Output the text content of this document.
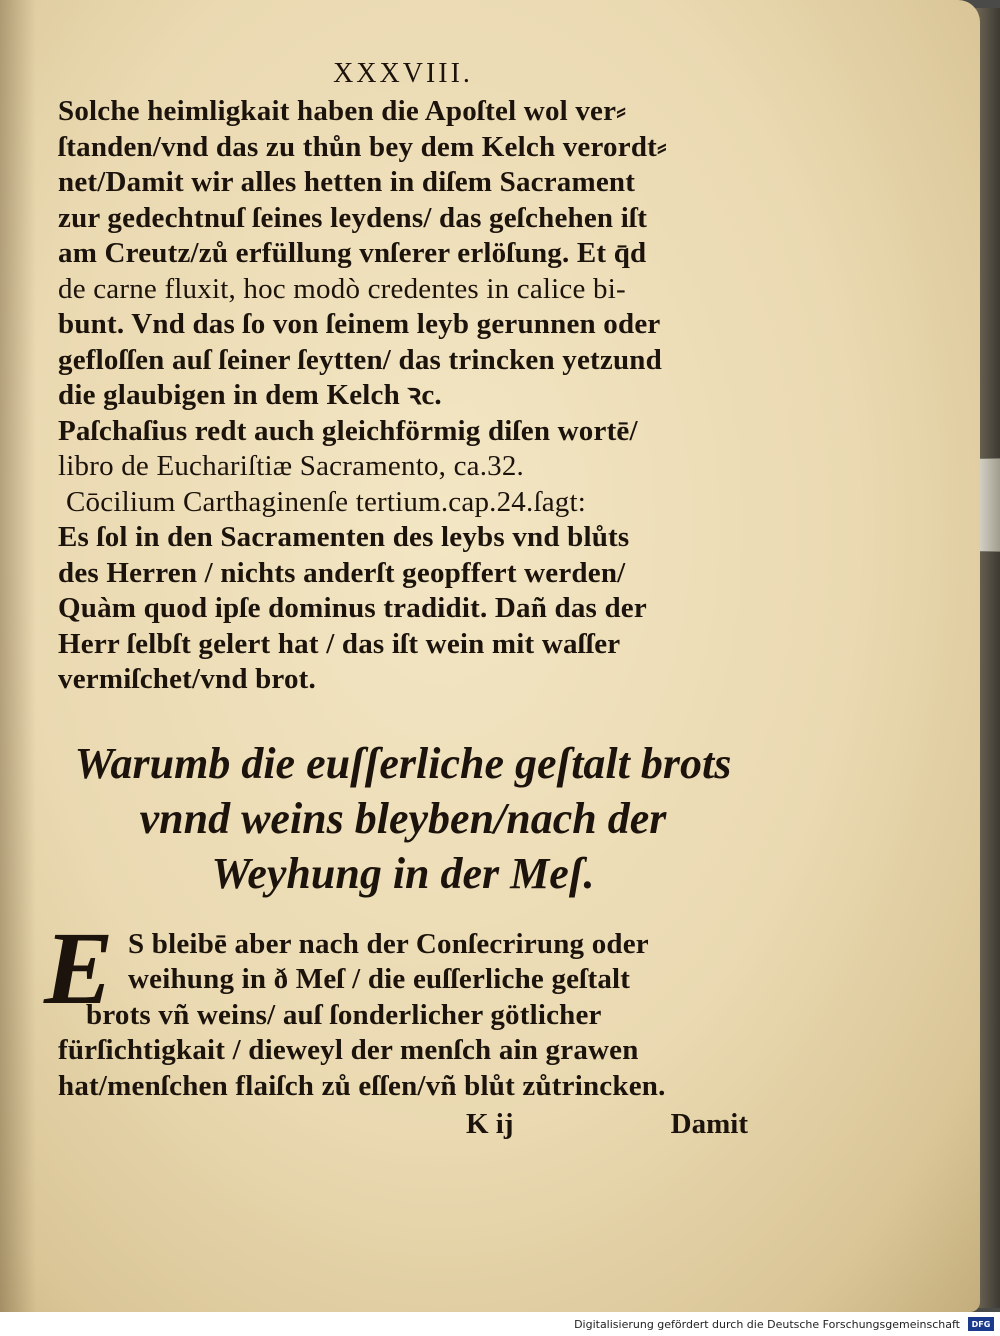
XXXVIII.
Solche heimligkait haben die Apoſtel wol ver⸗
ſtanden/vnd das zu thůn bey dem Kelch verordt⸗
net/Damit wir alles hetten in diſem Sacrament
zur gedechtnuſ ſeines leydens/ das geſchehen iſt
am Creutz/zů erfüllung vnſerer erlöſung. Et q̄d
de carne fluxit, hoc modò credentes in calice bi-
bunt. Vnd das ſo von ſeinem leyb gerunnen oder
gefloſſen auſ ſeiner ſeytten/ das trincken yetzund
die glaubigen in dem Kelch ꝛc.
Paſchaſius redt auch gleichförmig diſen wortē/
libro de Euchariſtiæ Sacramento, ca.32.
Cōcilium Carthaginenſe tertium.cap.24.ſagt:
Es ſol in den Sacramenten des leybs vnd blůts
des Herren / nichts anderſt geopffert werden/
Quàm quod ipſe dominus tradidit. Dañ das der
Herr ſelbſt gelert hat / das iſt wein mit waſſer
vermiſchet/vnd brot.
Warumb die euſſerliche geſtalt brots
vnnd weins bleyben/nach der
Weyhung in der Meſ.
E S bleibē aber nach der Conſecrirung oder
weihung in ð Meſ / die euſſerliche geſtalt
brots vñ weins/ auſ ſonderlicher götlicher
fürſichtigkait / dieweyl der menſch ain grawen
hat/menſchen flaiſch zů eſſen/vñ blůt zůtrincken.
K ij	Damit
Digitalisierung gefördert durch die Deutsche Forschungsgemeinschaft	DFG
